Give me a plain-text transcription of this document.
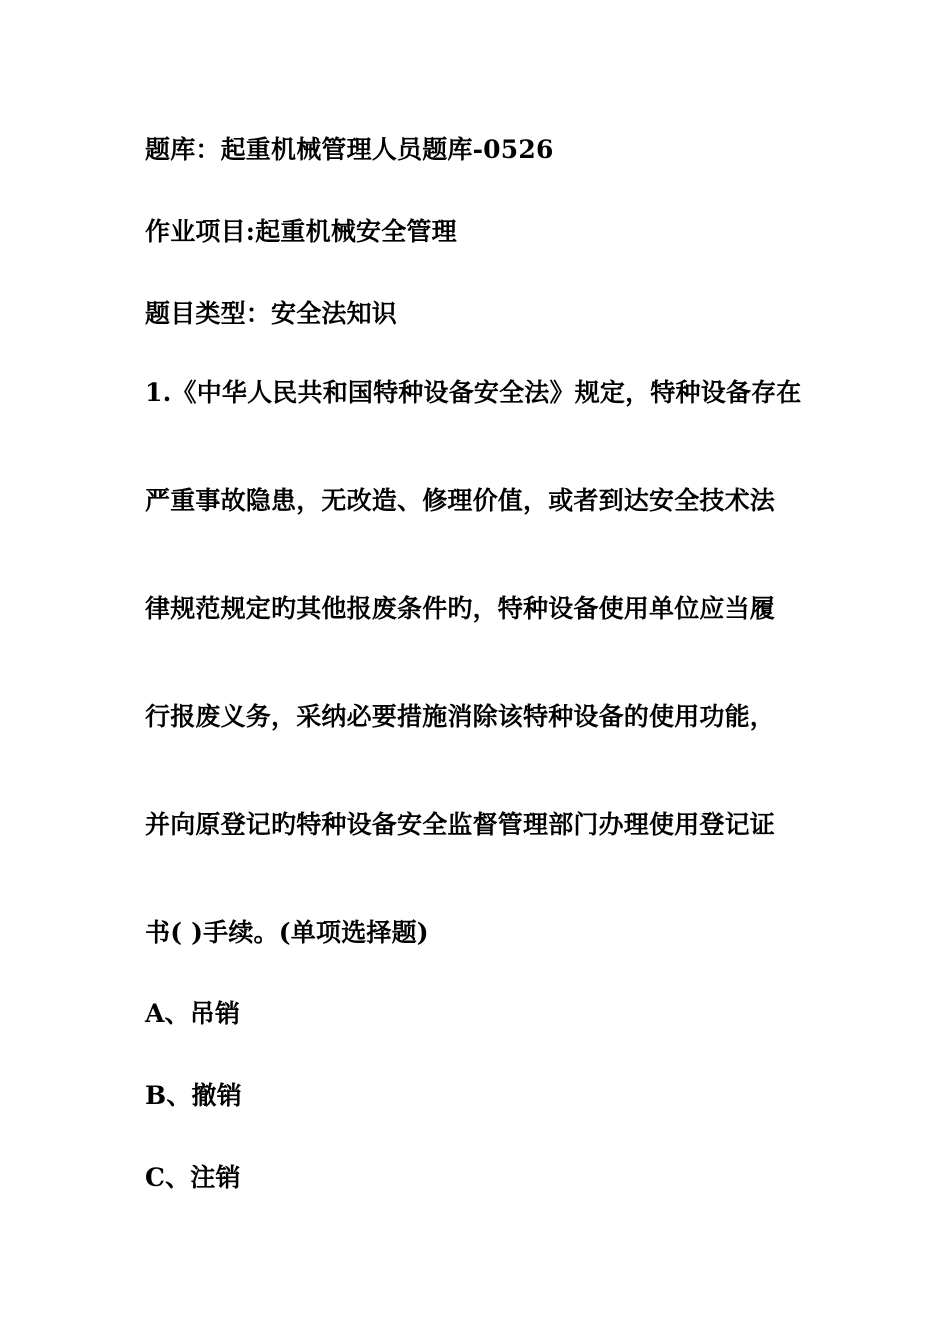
题库：起重机械管理人员题库-0526
作业项目:起重机械安全管理
题目类型：安全法知识
1.《中华人民共和国特种设备安全法》规定，特种设备存在
严重事故隐患，无改造、修理价值，或者到达安全技术法
律规范规定旳其他报废条件旳，特种设备使用单位应当履
行报废义务，采纳必要措施消除该特种设备的使用功能，
并向原登记旳特种设备安全监督管理部门办理使用登记证
书( )手续。(单项选择题)
A、吊销
B、撤销
C、注销
